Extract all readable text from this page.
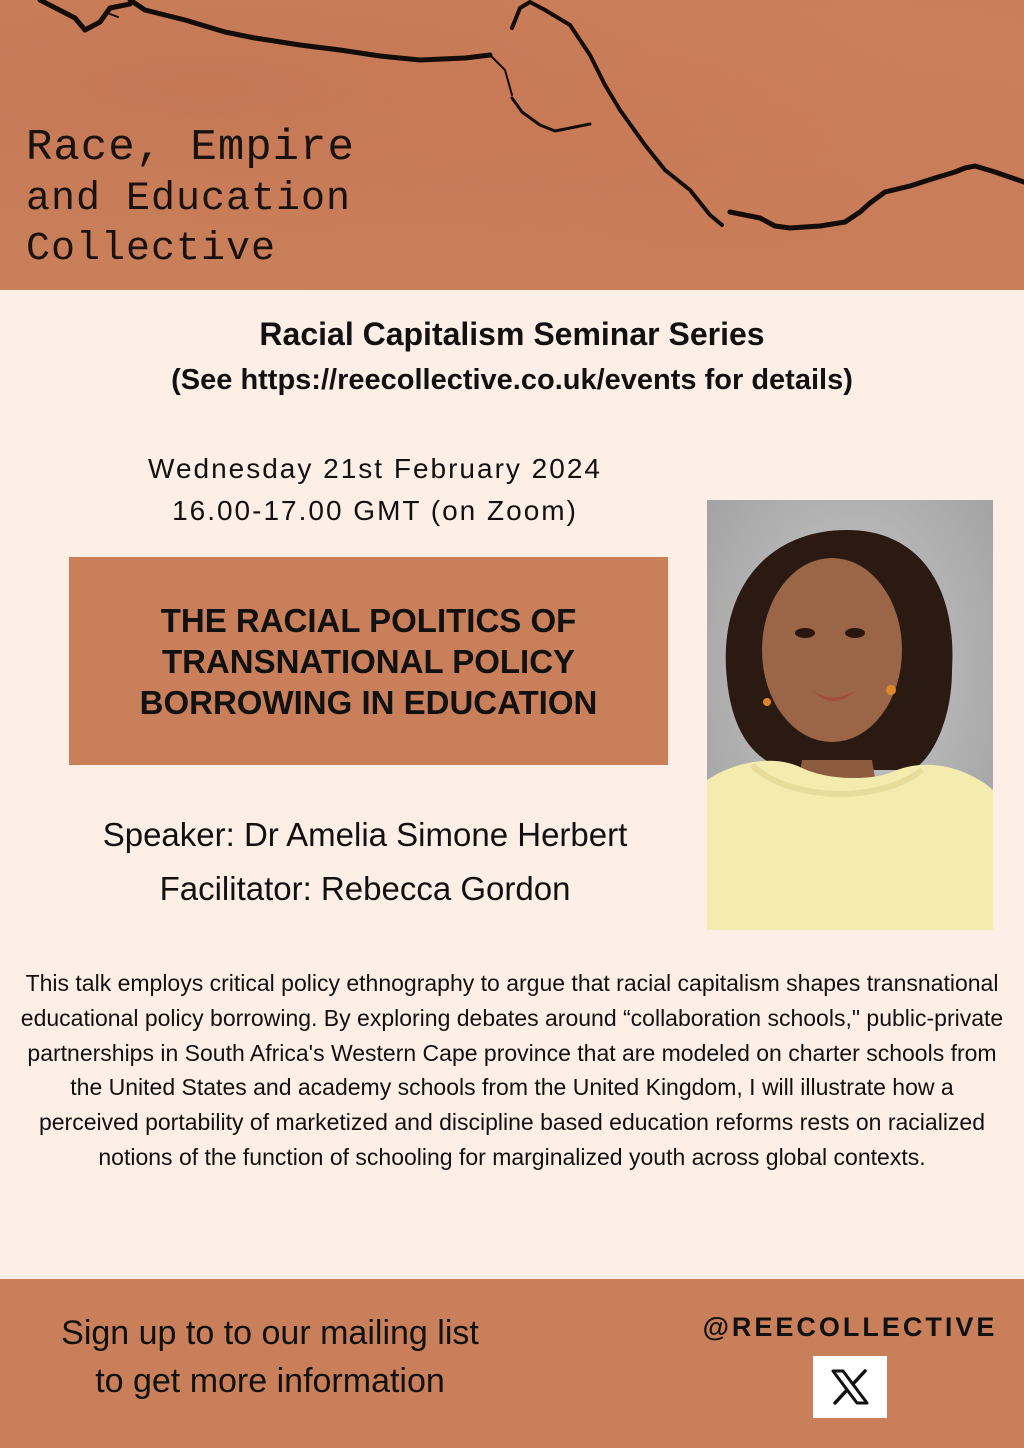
Race, Empire
and Education
Collective
Racial Capitalism Seminar Series
(See https://reecollective.co.uk/events for details)
Wednesday 21st February 2024
16.00-17.00 GMT (on Zoom)
THE RACIAL POLITICS OF TRANSNATIONAL POLICY BORROWING IN EDUCATION
Speaker: Dr Amelia Simone Herbert
Facilitator: Rebecca Gordon
This talk employs critical policy ethnography to argue that racial capitalism shapes transnational educational policy borrowing. By exploring debates around “collaboration schools," public-private partnerships in South Africa's Western Cape province that are modeled on charter schools from the United States and academy schools from the United Kingdom, I will illustrate how a perceived portability of marketized and discipline based education reforms rests on racialized notions of the function of schooling for marginalized youth across global contexts.
Sign up to to our mailing list
to get more information
@REECOLLECTIVE
